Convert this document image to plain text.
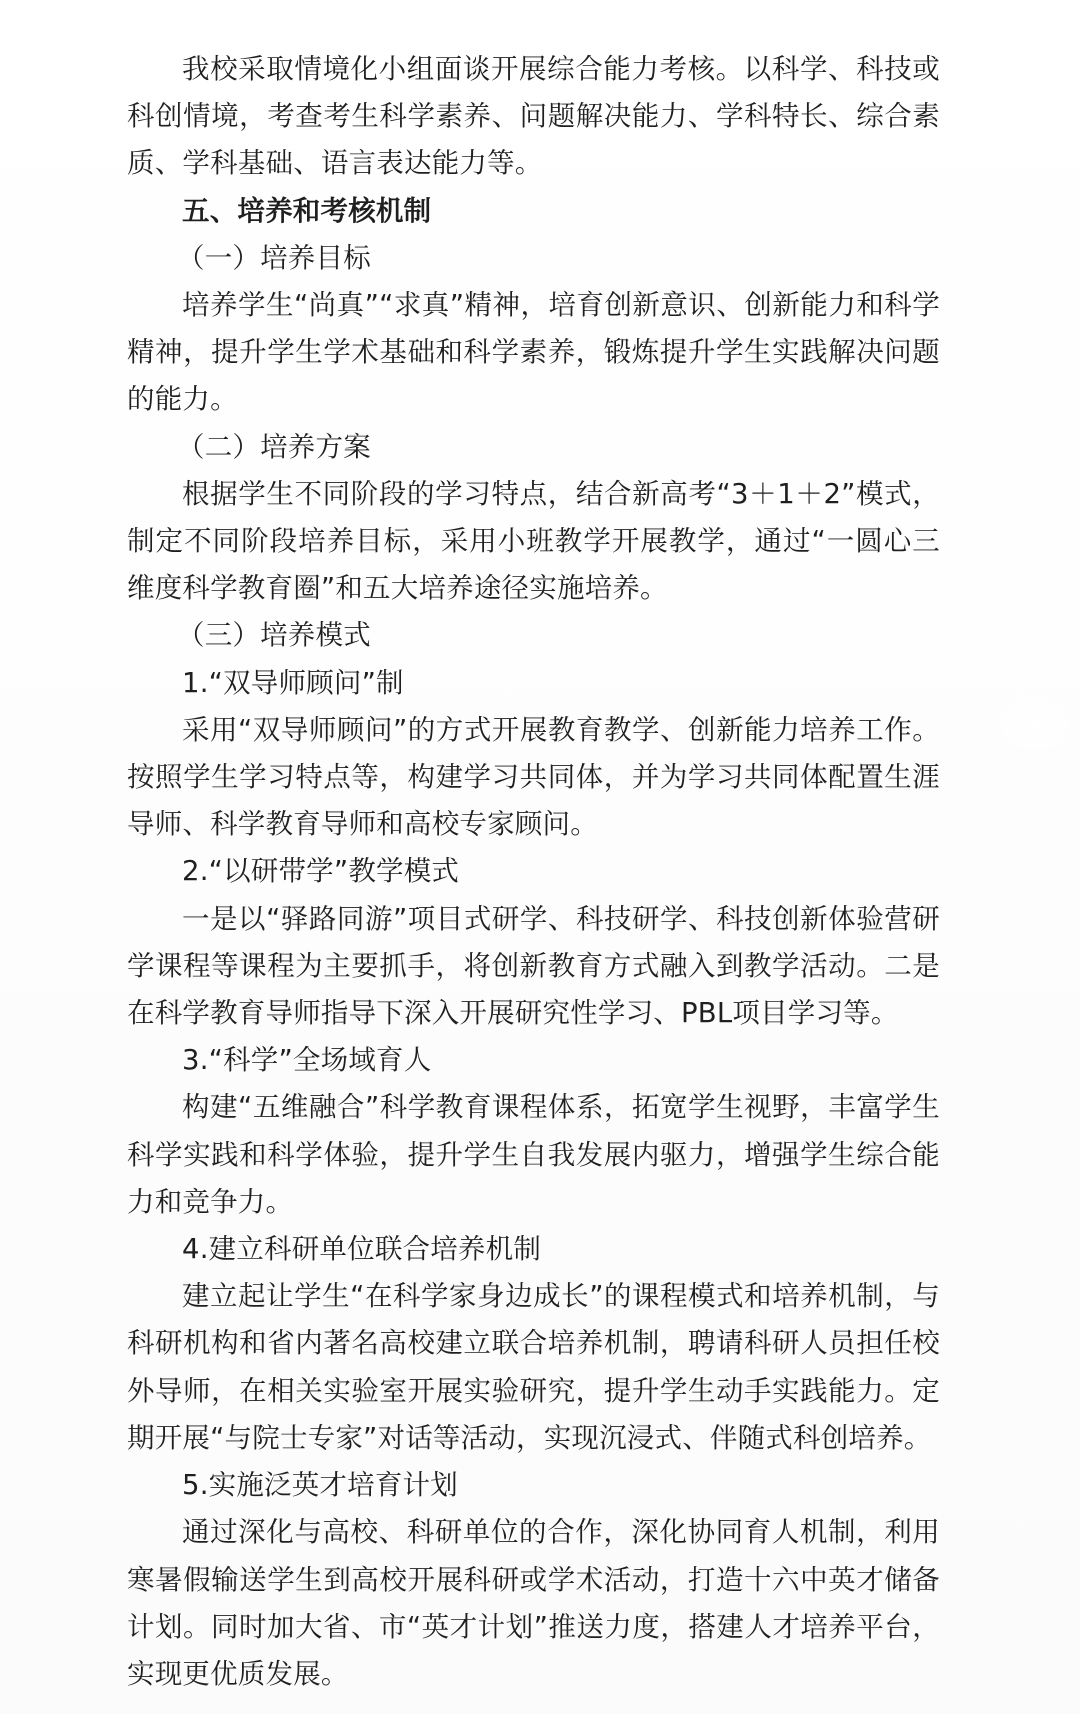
我校采取情境化小组面谈开展综合能力考核。以科学、科技或科创情境，考查考生科学素养、问题解决能力、学科特长、综合素质、学科基础、语言表达能力等。

五、培养和考核机制

（一）培养目标

培养学生“尚真”“求真”精神，培育创新意识、创新能力和科学精神，提升学生学术基础和科学素养，锻炼提升学生实践解决问题的能力。

（二）培养方案

根据学生不同阶段的学习特点，结合新高考“3＋1＋2”模式，制定不同阶段培养目标，采用小班教学开展教学，通过“一圆心三维度科学教育圈”和五大培养途径实施培养。

（三）培养模式

1.“双导师顾问”制

采用“双导师顾问”的方式开展教育教学、创新能力培养工作。按照学生学习特点等，构建学习共同体，并为学习共同体配置生涯导师、科学教育导师和高校专家顾问。

2.“以研带学”教学模式

一是以“驿路同游”项目式研学、科技研学、科技创新体验营研学课程等课程为主要抓手，将创新教育方式融入到教学活动。二是在科学教育导师指导下深入开展研究性学习、PBL项目学习等。

3.“科学”全场域育人

构建“五维融合”科学教育课程体系，拓宽学生视野，丰富学生科学实践和科学体验，提升学生自我发展内驱力，增强学生综合能力和竞争力。

4.建立科研单位联合培养机制

建立起让学生“在科学家身边成长”的课程模式和培养机制，与科研机构和省内著名高校建立联合培养机制，聘请科研人员担任校外导师，在相关实验室开展实验研究，提升学生动手实践能力。定期开展“与院士专家”对话等活动，实现沉浸式、伴随式科创培养。

5.实施泛英才培育计划

通过深化与高校、科研单位的合作，深化协同育人机制，利用寒暑假输送学生到高校开展科研或学术活动，打造十六中英才储备计划。同时加大省、市“英才计划”推送力度，搭建人才培养平台，实现更优质发展。
